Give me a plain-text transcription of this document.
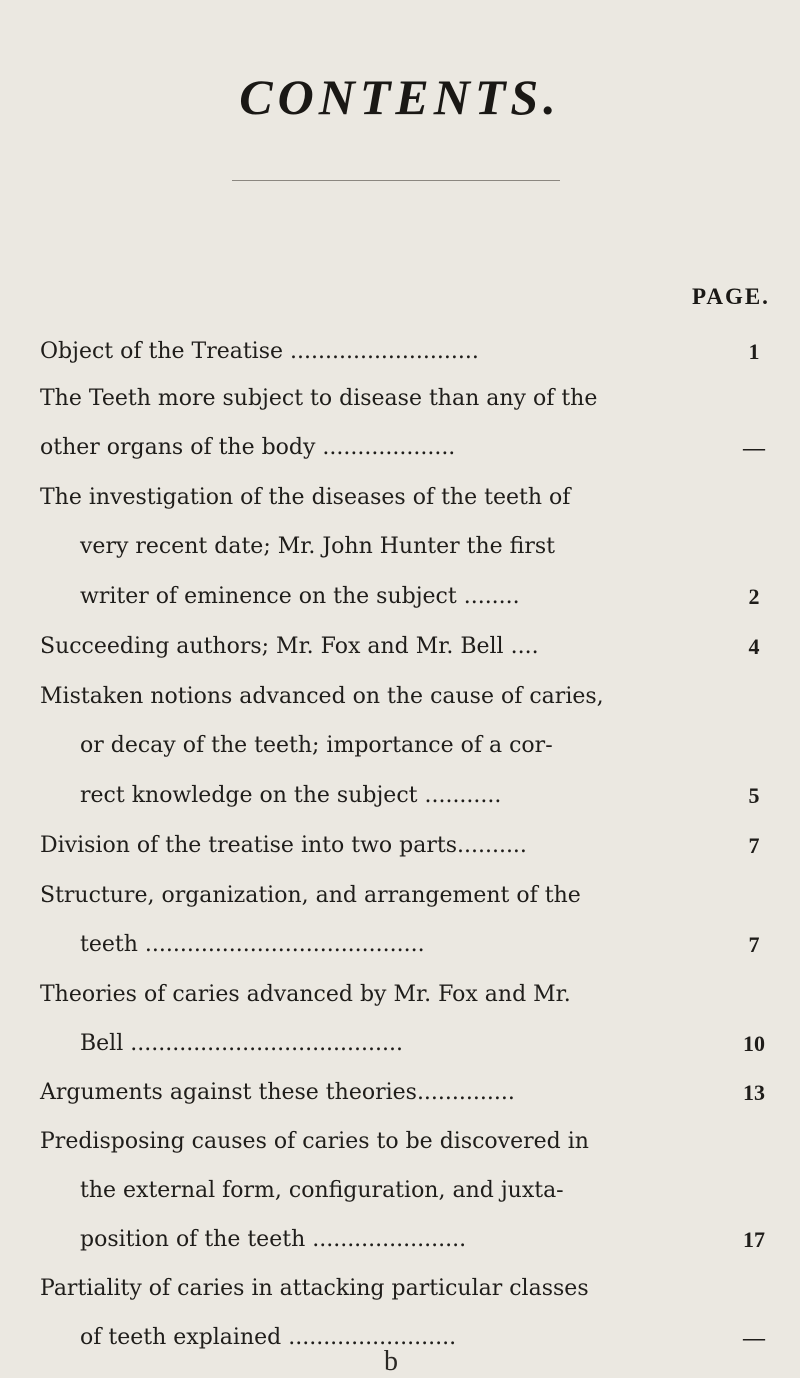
CONTENTS.
PAGE.
Object of the Treatise ...........................	1
The Teeth more subject to disease than any of the
other organs of the body ...................	—
The investigation of the diseases of the teeth of
very recent date; Mr. John Hunter the first
writer of eminence on the subject ........	2
Succeeding authors; Mr. Fox and Mr. Bell ....	4
Mistaken notions advanced on the cause of caries,
or decay of the teeth; importance of a cor-
rect knowledge on the subject ...........	5
Division of the treatise into two parts..........	7
Structure, organization, and arrangement of the
teeth ........................................	7
Theories of caries advanced by Mr. Fox and Mr.
Bell .......................................	10
Arguments against these theories..............	13
Predisposing causes of caries to be discovered in
the external form, configuration, and juxta-
position of the teeth ......................	17
Partiality of caries in attacking particular classes
of teeth explained ........................	—
b
